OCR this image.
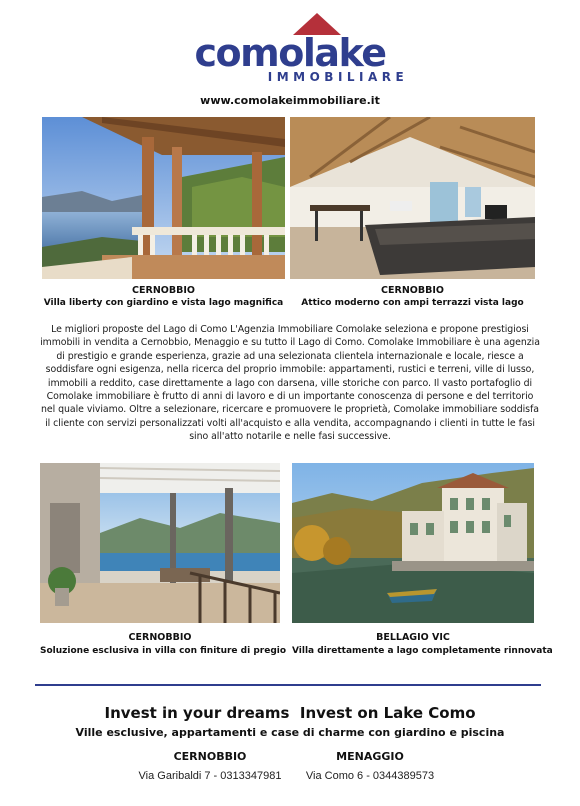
comolake
IMMOBILIARE
www.comolakeimmobiliare.it
CERNOBBIO
Villa liberty con giardino e vista lago magnifica
CERNOBBIO
Attico moderno con ampi terrazzi vista lago
Le migliori proposte del Lago di Como L'Agenzia Immobiliare Comolake seleziona e propone prestigiosi immobili in vendita a Cernobbio, Menaggio e su tutto il Lago di Como. Comolake Immobiliare è una agenzia di prestigio e grande esperienza, grazie ad una selezionata clientela internazionale e locale, riesce a soddisfare ogni esigenza, nella ricerca del proprio immobile: appartamenti, rustici e terreni, ville di lusso, immobili a reddito, case direttamente a lago con darsena, ville storiche con parco. Il vasto portafoglio di Comolake immobiliare è frutto di anni di lavoro e di un importante conoscenza di persone e del territorio nel quale viviamo. Oltre a selezionare, ricercare e promuovere le proprietà, Comolake immobiliare soddisfa il cliente con servizi personalizzati volti all'acquisto e alla vendita, accompagnando i clienti in tutte le fasi sino all'atto notarile e nelle fasi successive.
CERNOBBIO
Soluzione esclusiva in villa con finiture di pregio
BELLAGIO VIC
Villa direttamente a lago completamente rinnovata
Invest in your dreams  Invest on Lake Como
Ville esclusive, appartamenti e case di charme con giardino e piscina
CERNOBBIO
Via Garibaldi 7 - 0313347981
MENAGGIO
Via Como 6 - 0344389573
